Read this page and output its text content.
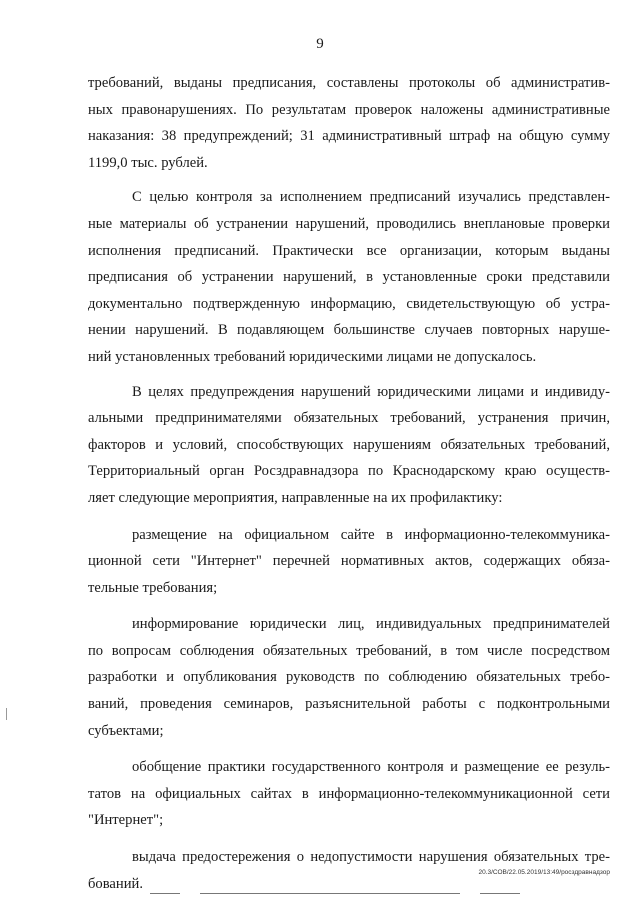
9
требований, выданы предписания, составлены протоколы об административ-
ных правонарушениях. По результатам проверок наложены административные
наказания: 38 предупреждений; 31 административный штраф на общую сумму
1199,0 тыс. рублей.
С целью контроля за исполнением предписаний изучались представлен-
ные материалы об устранении нарушений, проводились внеплановые проверки
исполнения предписаний. Практически все организации, которым выданы
предписания об устранении нарушений, в установленные сроки представили
документально подтвержденную информацию, свидетельствующую об устра-
нении нарушений. В подавляющем большинстве случаев повторных наруше-
ний установленных требований юридическими лицами не допускалось.
В целях предупреждения нарушений юридическими лицами и индивиду-
альными предпринимателями обязательных требований, устранения причин,
факторов и условий, способствующих нарушениям обязательных требований,
Территориальный орган Росздравнадзора по Краснодарскому краю осуществ-
ляет следующие мероприятия, направленные на их профилактику:
размещение на официальном сайте в информационно-телекоммуника-
ционной сети "Интернет" перечней нормативных актов, содержащих обяза-
тельные требования;
информирование юридически лиц, индивидуальных предпринимателей
по вопросам соблюдения обязательных требований, в том числе посредством
разработки и опубликования руководств по соблюдению обязательных требо-
ваний, проведения семинаров, разъяснительной работы с подконтрольными
субъектами;
обобщение практики государственного контроля и размещение ее резуль-
татов на официальных сайтах в информационно-телекоммуникационной сети
"Интернет";
выдача предостережения о недопустимости нарушения обязательных тре-
бований.
20.3/СОВ/22.05.2019/13:49/росздравнадзор
